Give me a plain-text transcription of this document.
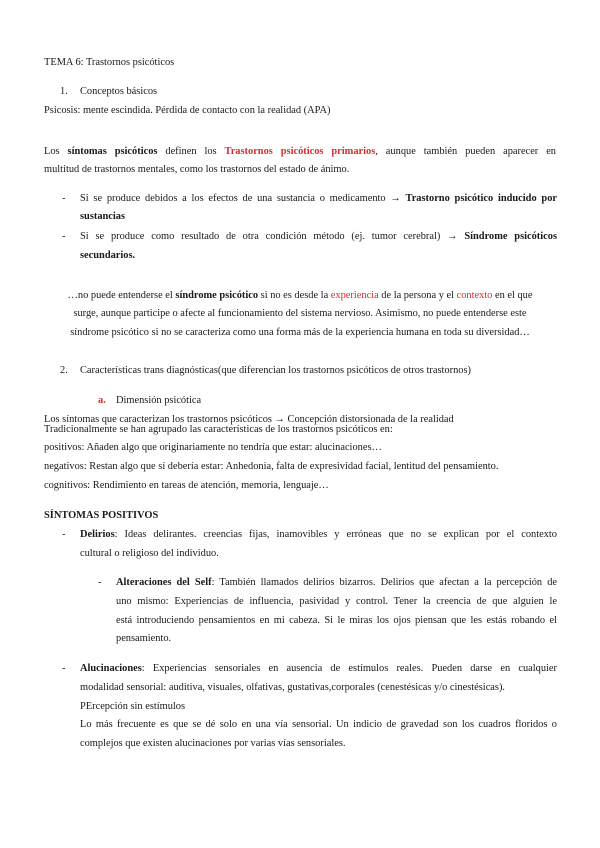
TEMA 6: Trastornos psicóticos
1. Conceptos básicos
Psicosis: mente escindida. Pérdida de contacto con la realidad (APA)
Los síntomas psicóticos definen los Trastornos psicóticos primarios, aunque también pueden aparecer en
multitud de trastornos mentales, como los trastornos del estado de ánimo.
- Si se produce debidos a los efectos de una sustancia o medicamento → Trastorno psicótico inducido por
sustancias
- Si se produce como resultado de otra condición método (ej. tumor cerebral) → Síndrome psicóticos
secundarios.
…no puede entenderse el síndrome psicótico si no es desde la experiencia de la persona y el contexto en el que
surge, aunque participe o afecte al funcionamiento del sistema nervioso. Asimismo, no puede entenderse este
síndrome psicótico si no se caracteriza como una forma más de la experiencia humana en toda su diversidad…
2. Características trans diagnósticas(que diferencian los trastornos psicóticos de otros trastornos)
a. Dimensión psicótica
Los síntomas que caracterizan los trastornos psicóticos → Concepción distorsionada de la realidad
Tradicionalmente se han agrupado las características de los trastornos psicóticos en:
positivos: Añaden algo que originariamente no tendría que estar: alucinaciones…
negativos: Restan algo que sí debería estar: Anhedonia, falta de expresividad facial, lentitud del pensamiento.
cognitivos: Rendimiento en tareas de atención, memoria, lenguaje…
SÍNTOMAS POSITIVOS
- Delirios: Ideas delirantes. creencias fijas, inamovibles y erróneas que no se explican por el contexto
cultural o religioso del individuo.
- Alteraciones del Self: También llamados delirios bizarros. Delirios que afectan a la percepción de
uno mismo: Experiencias de influencia, pasividad y control. Tener la creencia de que alguien le
está introduciendo pensamientos en mi cabeza. Si le miras los ojos piensan que les estás robando el
pensamiento.
- Alucinaciones: Experiencias sensoriales en ausencia de estímulos reales. Pueden darse en cualquier
modalidad sensorial: auditiva, visuales, olfativas, gustativas,corporales (cenestésicas y/o cinestésicas).
PErcepción sin estímulos
Lo más frecuente es que se dé solo en una vía sensorial. Un indicio de gravedad son los cuadros floridos o
complejos que existen alucinaciones por varias vías sensoriales.
